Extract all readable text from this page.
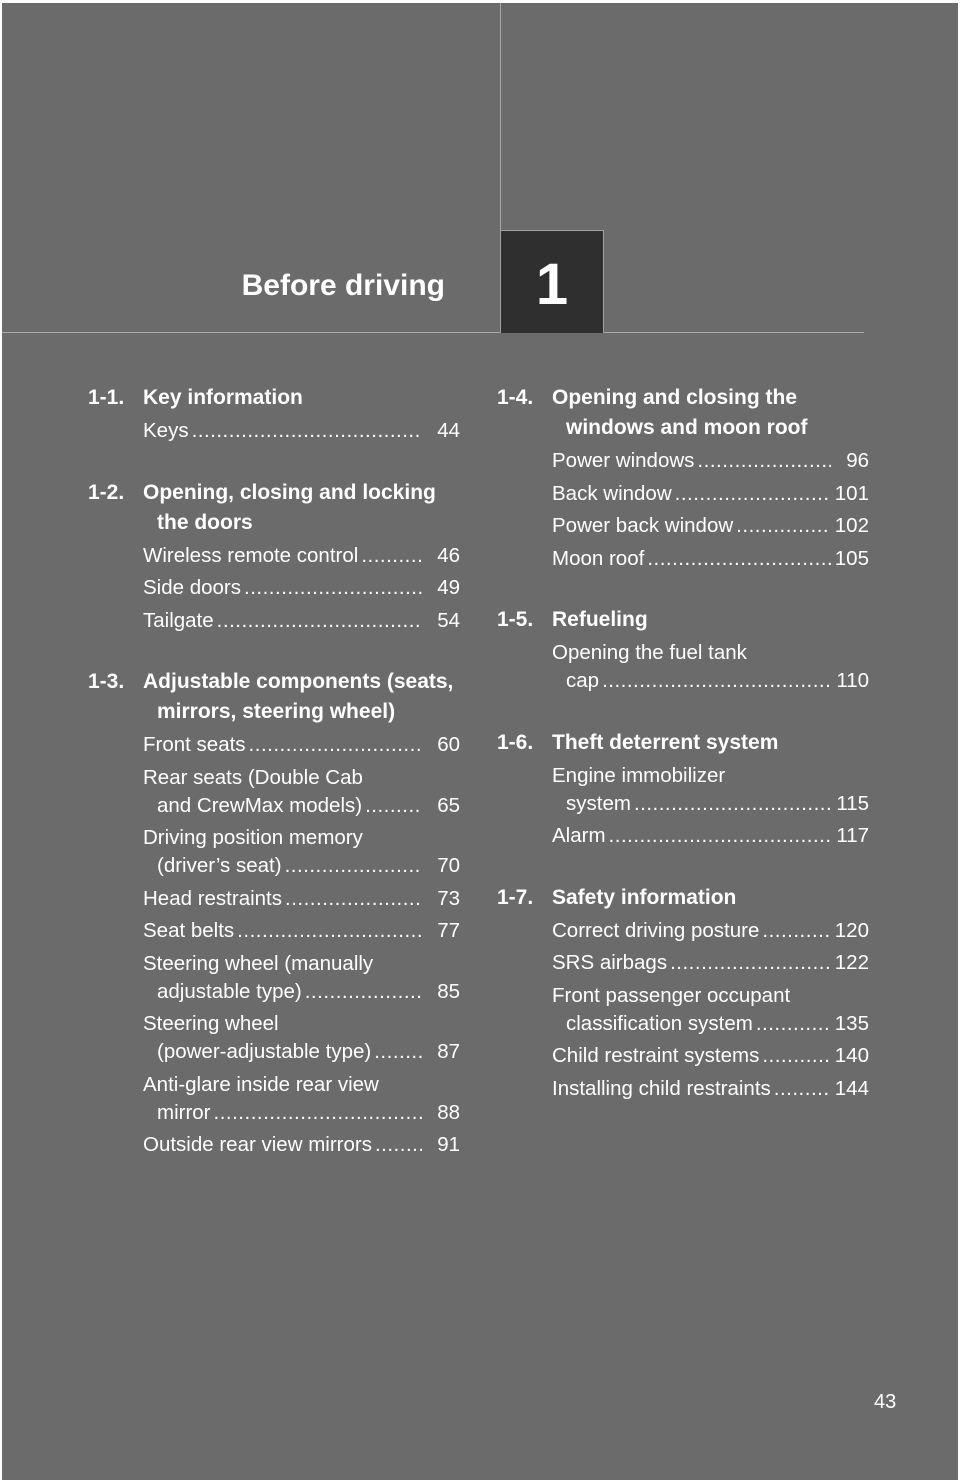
Before driving	1
1-1. Key information
Keys .....	44
1-2. Opening, closing and locking the doors
Wireless remote control .....	46
Side doors .....	49
Tailgate .....	54
1-3. Adjustable components (seats, mirrors, steering wheel)
Front seats .....	60
Rear seats (Double Cab
and CrewMax models) .....	65
Driving position memory
(driver’s seat) .....	70
Head restraints .....	73
Seat belts .....	77
Steering wheel (manually
adjustable type) .....	85
Steering wheel
(power-adjustable type) .....	87
Anti-glare inside rear view
mirror .....	88
Outside rear view mirrors .....	91
1-4. Opening and closing the windows and moon roof
Power windows .....	96
Back window .....	101
Power back window .....	102
Moon roof .....	105
1-5. Refueling
Opening the fuel tank
cap .....	110
1-6. Theft deterrent system
Engine immobilizer
system .....	115
Alarm .....	117
1-7. Safety information
Correct driving posture .....	120
SRS airbags .....	122
Front passenger occupant
classification system .....	135
Child restraint systems .....	140
Installing child restraints .....	144
43
